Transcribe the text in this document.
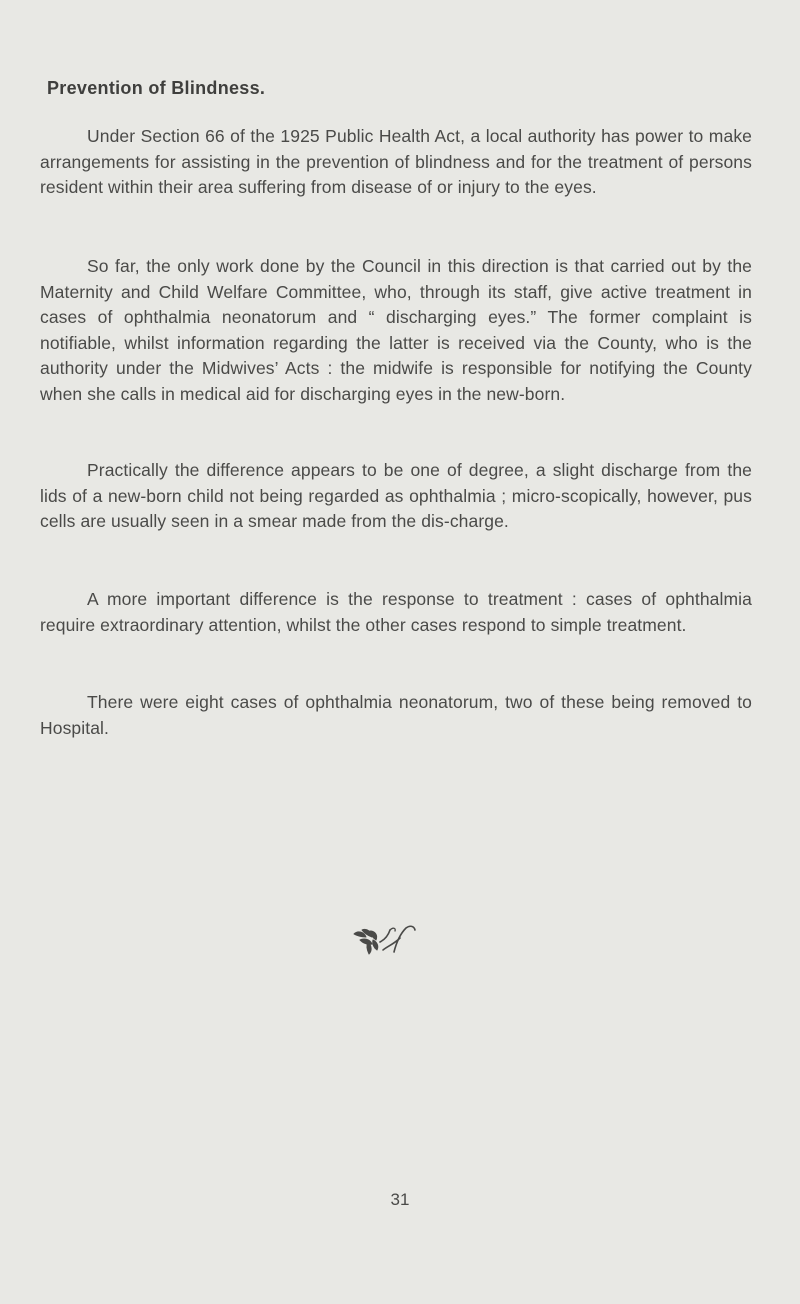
Prevention of Blindness.

Under Section 66 of the 1925 Public Health Act, a local authority has power to make arrangements for assisting in the prevention of blindness and for the treatment of persons resident within their area suffering from disease of or injury to the eyes.

So far, the only work done by the Council in this direction is that carried out by the Maternity and Child Welfare Committee, who, through its staff, give active treatment in cases of ophthalmia neonatorum and “ discharging eyes.” The former complaint is notifiable, whilst information regarding the latter is received via the County, who is the authority under the Midwives’ Acts : the midwife is responsible for notifying the County when she calls in medical aid for discharging eyes in the new-born.

Practically the difference appears to be one of degree, a slight discharge from the lids of a new-born child not being regarded as ophthalmia ; micro-scopically, however, pus cells are usually seen in a smear made from the dis-charge.

A more important difference is the response to treatment : cases of ophthalmia require extraordinary attention, whilst the other cases respond to simple treatment.

There were eight cases of ophthalmia neonatorum, two of these being removed to Hospital.

31
